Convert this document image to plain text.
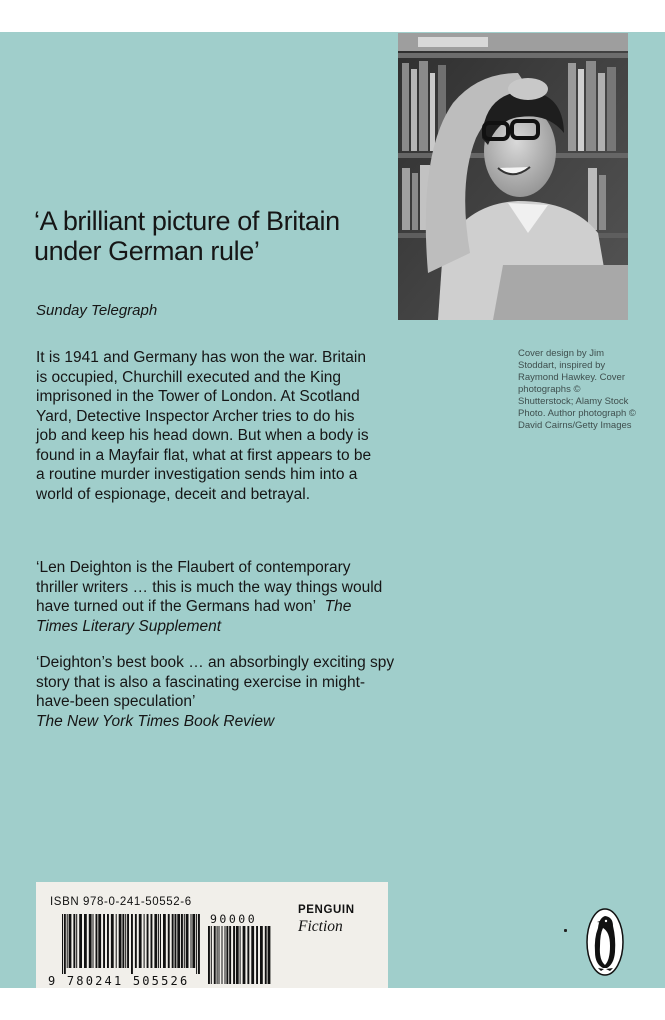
‘A brilliant picture of Britain under German rule’
Sunday Telegraph

It is 1941 and Germany has won the war. Britain is occupied, Churchill executed and the King imprisoned in the Tower of London. At Scotland Yard, Detective Inspector Archer tries to do his job and keep his head down. But when a body is found in a Mayfair flat, what at first appears to be a routine murder investigation sends him into a world of espionage, deceit and betrayal.

‘Len Deighton is the Flaubert of contemporary thriller writers … this is much the way things would have turned out if the Germans had won’ The Times Literary Supplement

‘Deighton’s best book … an absorbingly exciting spy story that is also a fascinating exercise in might-have-been speculation’
The New York Times Book Review

Cover design by Jim Stoddart, inspired by Raymond Hawkey. Cover photographs © Shutterstock; Alamy Stock Photo. Author photograph © David Cairns/Getty Images
ISBN 978-0-241-50552-6
9 780241 505526
90000
PENGUIN
Fiction
